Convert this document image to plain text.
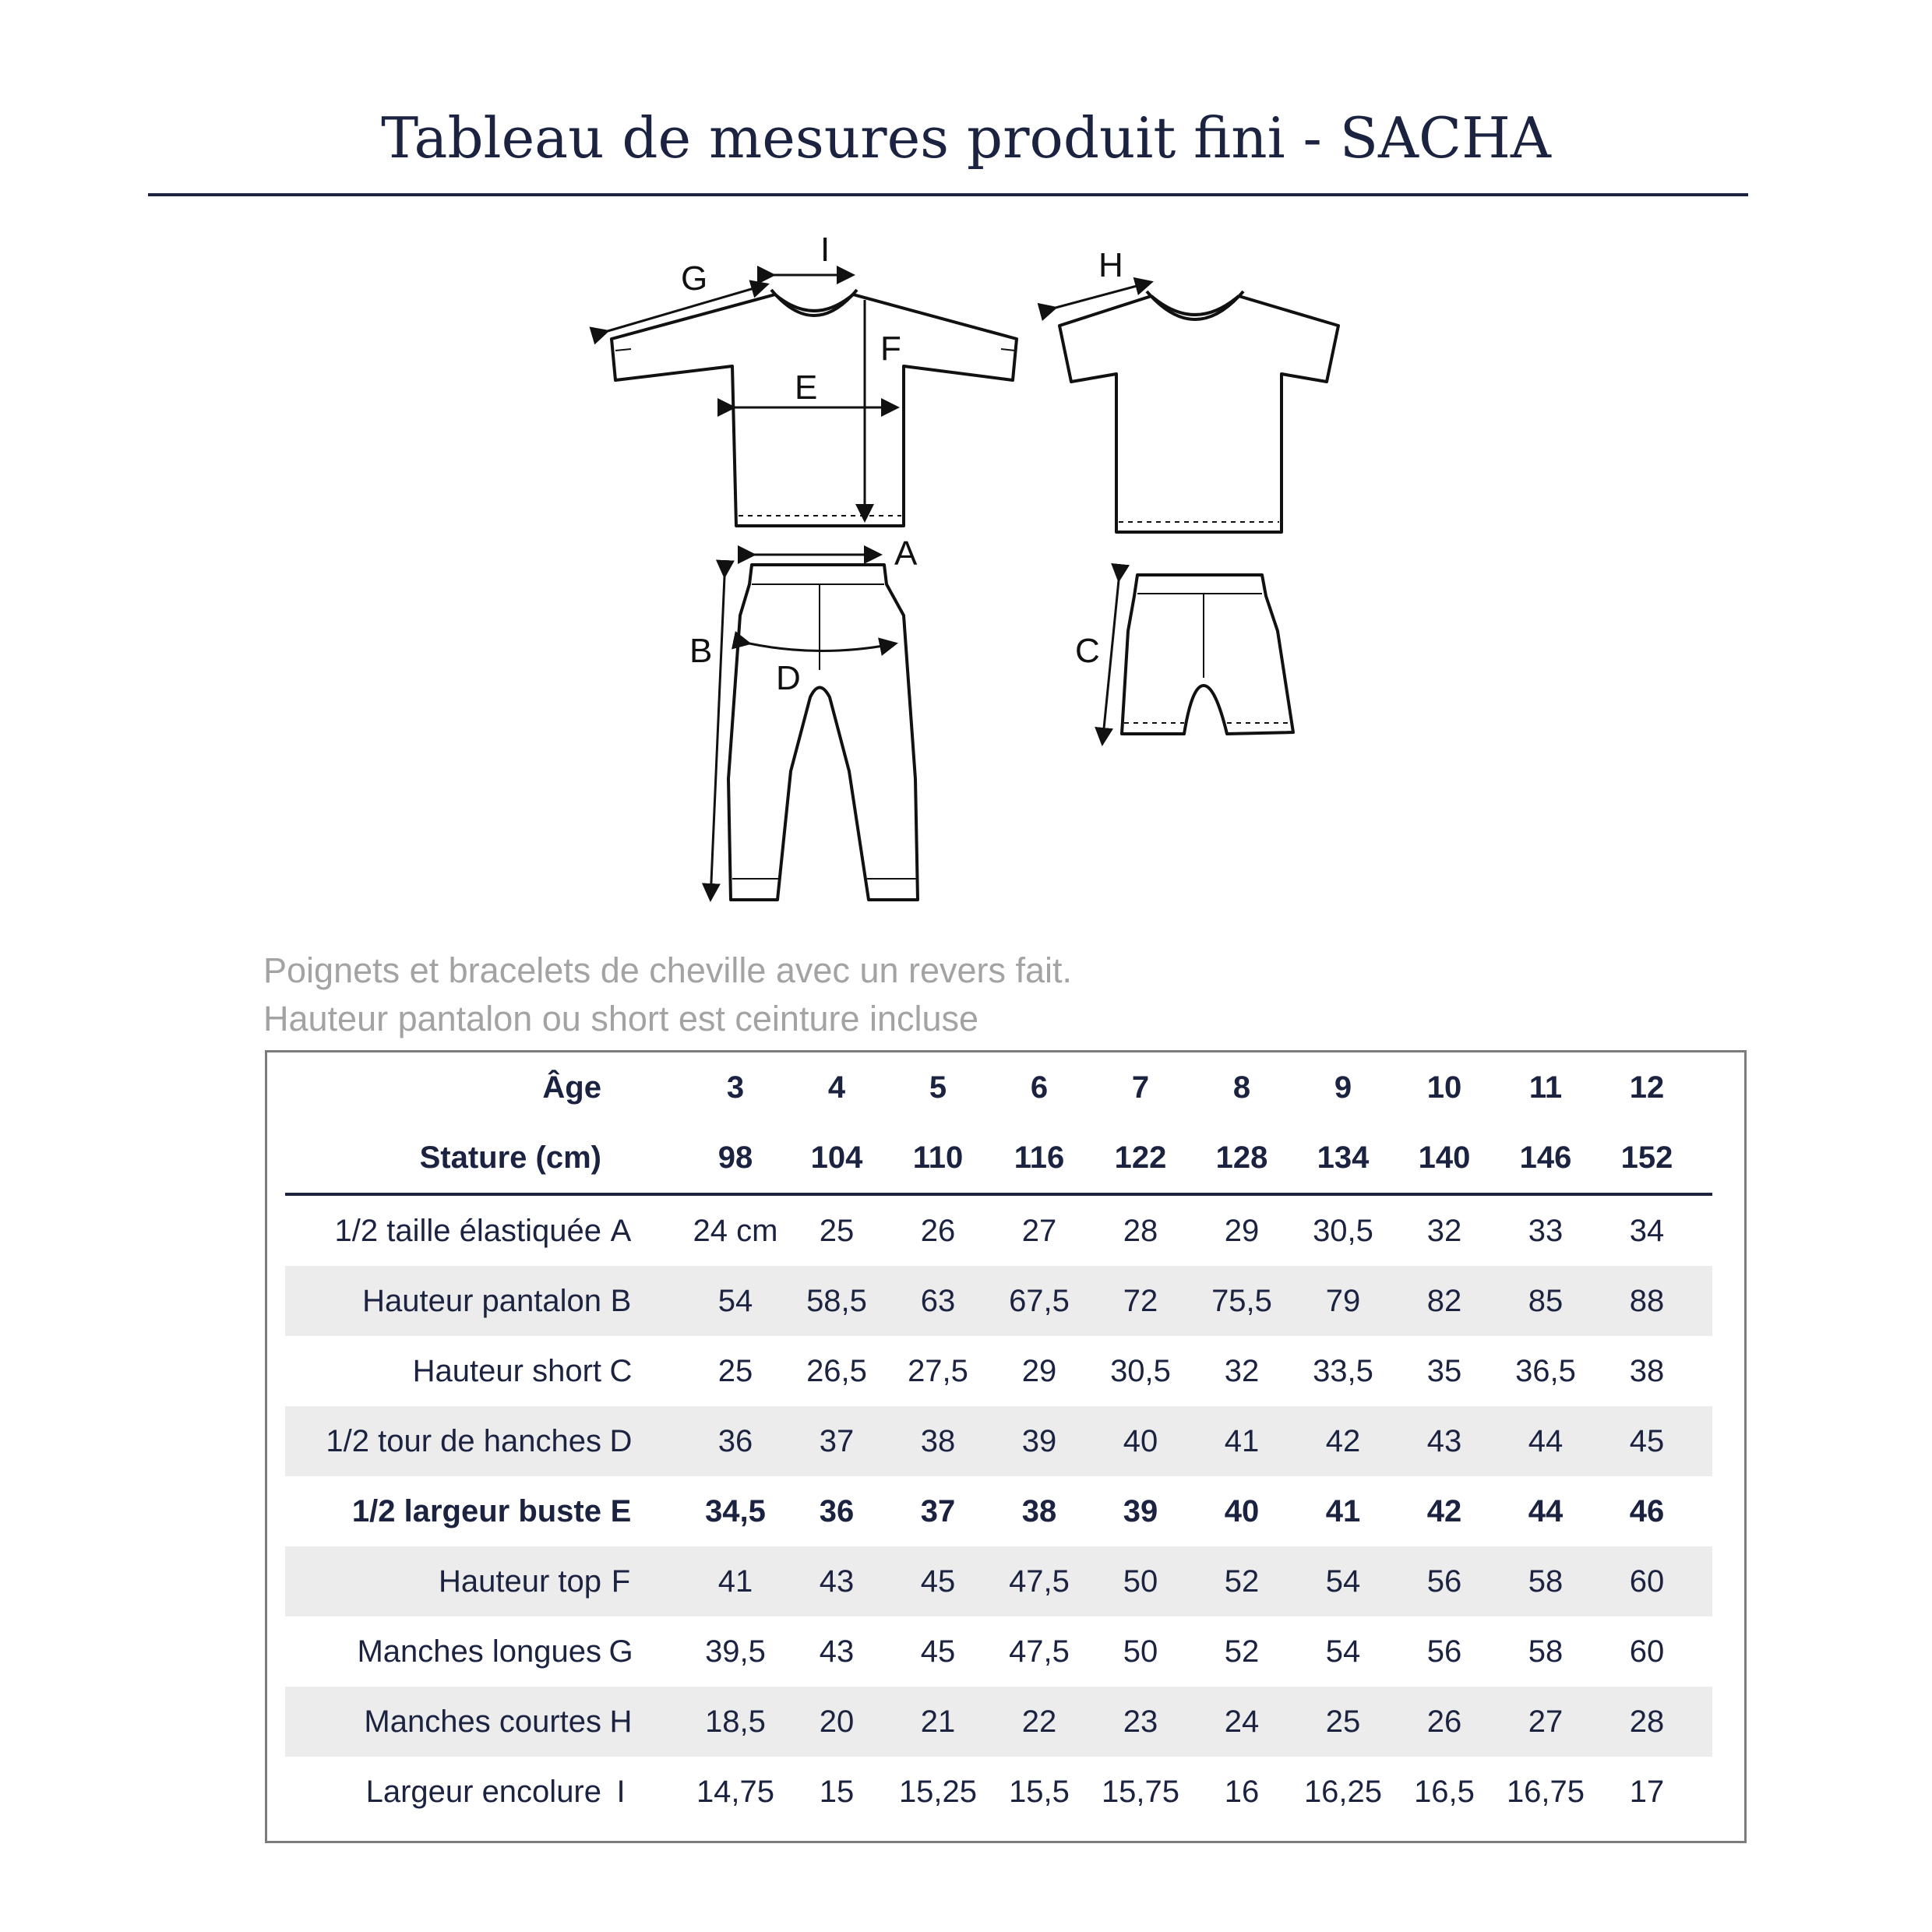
Tableau de mesures produit fini - SACHA
G
I
F
E
H
A
B
D
C
Poignets et bracelets de cheville avec un revers fait.
Hauteur pantalon ou short est ceinture incluse
Âge	3	4	5	6	7	8	9	10	11	12
Stature (cm)	98	104	110	116	122	128	134	140	146	152
1/2 taille élastiquée A 24 cm	25	26	27	28	29	30,5	32	33	34
Hauteur pantalon B	54	58,5	63	67,5	72	75,5	79	82	85	88
Hauteur short C	25	26,5	27,5	29	30,5	32	33,5	35	36,5	38
1/2 tour de hanches D	36	37	38	39	40	41	42	43	44	45
1/2 largeur buste E	34,5	36	37	38	39	40	41	42	44	46
Hauteur top F	41	43	45	47,5	50	52	54	56	58	60
Manches longues G	39,5	43	45	47,5	50	52	54	56	58	60
Manches courtes H	18,5	20	21	22	23	24	25	26	27	28
Largeur encolure I	14,75	15	15,25	15,5	15,75	16	16,25	16,5	16,75	17
